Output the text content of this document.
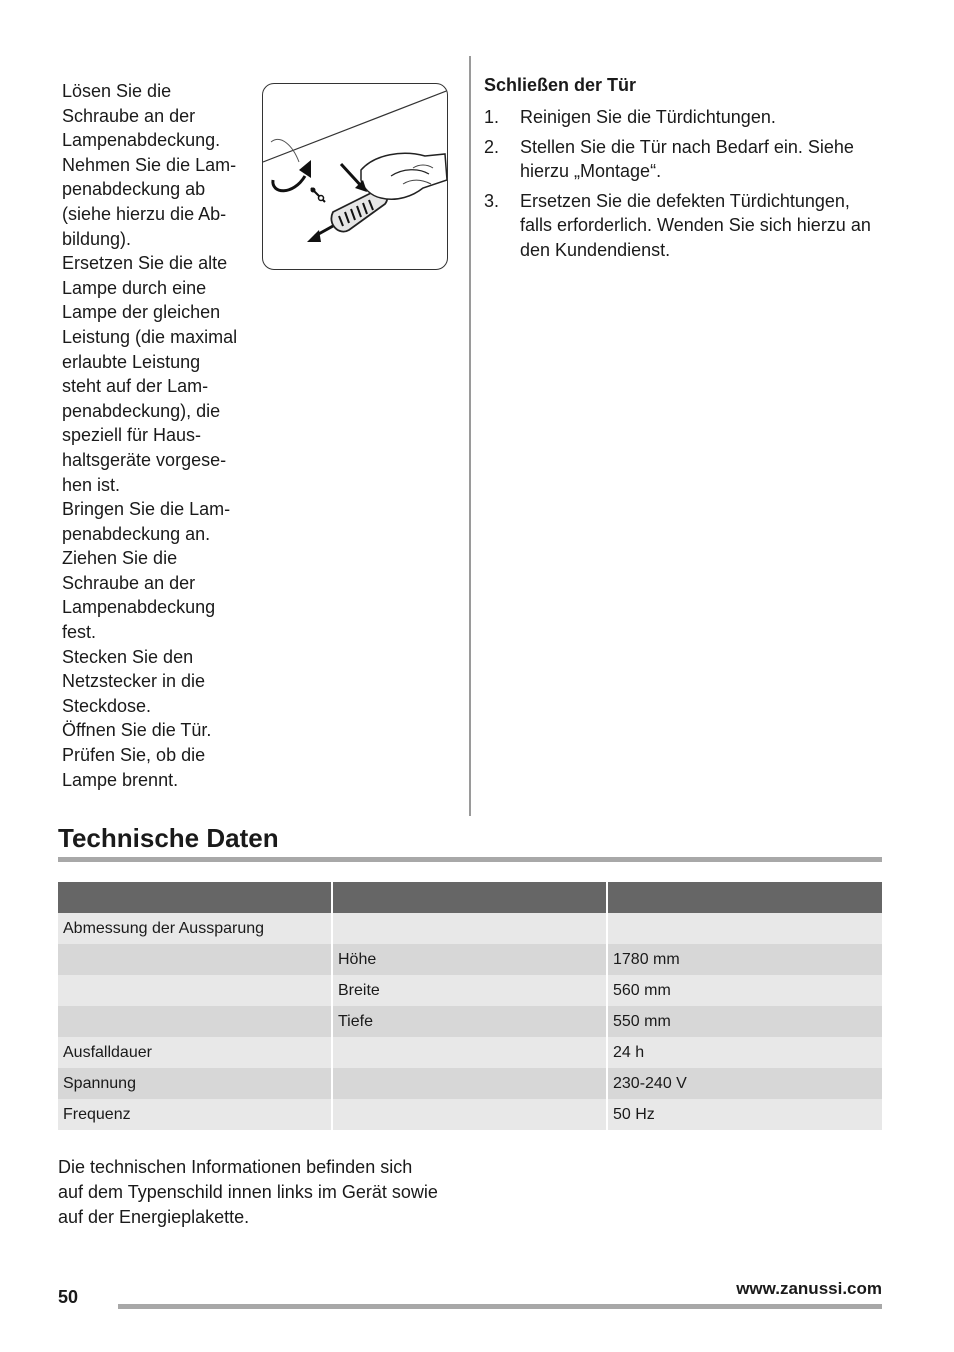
Lösen Sie die
Schraube an der
Lampenabdeckung.
Nehmen Sie die Lam-
penabdeckung ab
(siehe hierzu die Ab-
bildung).
Ersetzen Sie die alte
Lampe durch eine
Lampe der gleichen
Leistung (die maximal
erlaubte Leistung
steht auf der Lam-
penabdeckung), die
speziell für Haus-
haltsgeräte vorgese-
hen ist.
Bringen Sie die Lam-
penabdeckung an.
Ziehen Sie die
Schraube an der
Lampenabdeckung
fest.
Stecken Sie den
Netzstecker in die
Steckdose.
Öffnen Sie die Tür.
Prüfen Sie, ob die
Lampe brennt.
Schließen der Tür
1. Reinigen Sie die Türdichtungen.
2. Stellen Sie die Tür nach Bedarf ein. Siehe hierzu „Montage“.
3. Ersetzen Sie die defekten Türdichtungen, falls erforderlich. Wenden Sie sich hierzu an den Kundendienst.
Technische Daten

Abmessung der Aussparung		
	Höhe	1780 mm
	Breite	560 mm
	Tiefe	550 mm
Ausfalldauer		24 h
Spannung		230-240 V
Frequenz		50 Hz
Die technischen Informationen befinden sich
auf dem Typenschild innen links im Gerät sowie
auf der Energieplakette.
50	www.zanussi.com
